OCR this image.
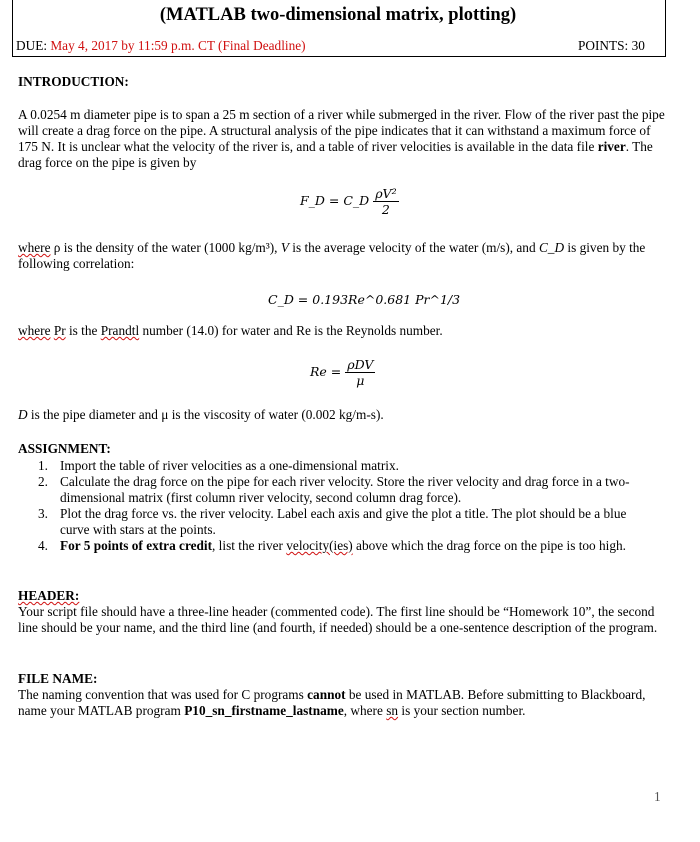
(MATLAB two-dimensional matrix, plotting)
DUE: May 4, 2017 by 11:59 p.m. CT (Final Deadline)	POINTS: 30
INTRODUCTION:
A 0.0254 m diameter pipe is to span a 25 m section of a river while submerged in the river. Flow of the river past the pipe will create a drag force on the pipe. A structural analysis of the pipe indicates that it can withstand a maximum force of 175 N. It is unclear what the velocity of the river is, and a table of river velocities is available in the data file river. The drag force on the pipe is given by
F_D = C_D $\frac{\text{ρV²}}{2}$
where ρ is the density of the water (1000 kg/m³), V is the average velocity of the water (m/s), and C_D is given by the following correlation:
C_D = 0.193Re^0.681 Pr^1/3
where Pr is the Prandtl number (14.0) for water and Re is the Reynolds number.
$Re = \frac{\text{ρDV}}{\mu}$
D is the pipe diameter and μ is the viscosity of water (0.002 kg/m-s).
ASSIGNMENT:
1. Import the table of river velocities as a one-dimensional matrix.
2. Calculate the drag force on the pipe for each river velocity. Store the river velocity and drag force in a two-dimensional matrix (first column river velocity, second column drag force).
3. Plot the drag force vs. the river velocity. Label each axis and give the plot a title. The plot should be a blue curve with stars at the points.
4. For 5 points of extra credit, list the river velocity(ies) above which the drag force on the pipe is too high.
HEADER:
Your script file should have a three-line header (commented code). The first line should be “Homework 10”, the second line should be your name, and the third line (and fourth, if needed) should be a one-sentence description of the program.
FILE NAME:
The naming convention that was used for C programs cannot be used in MATLAB. Before submitting to Blackboard, name your MATLAB program P10_sn_firstname_lastname, where sn is your section number.
1
